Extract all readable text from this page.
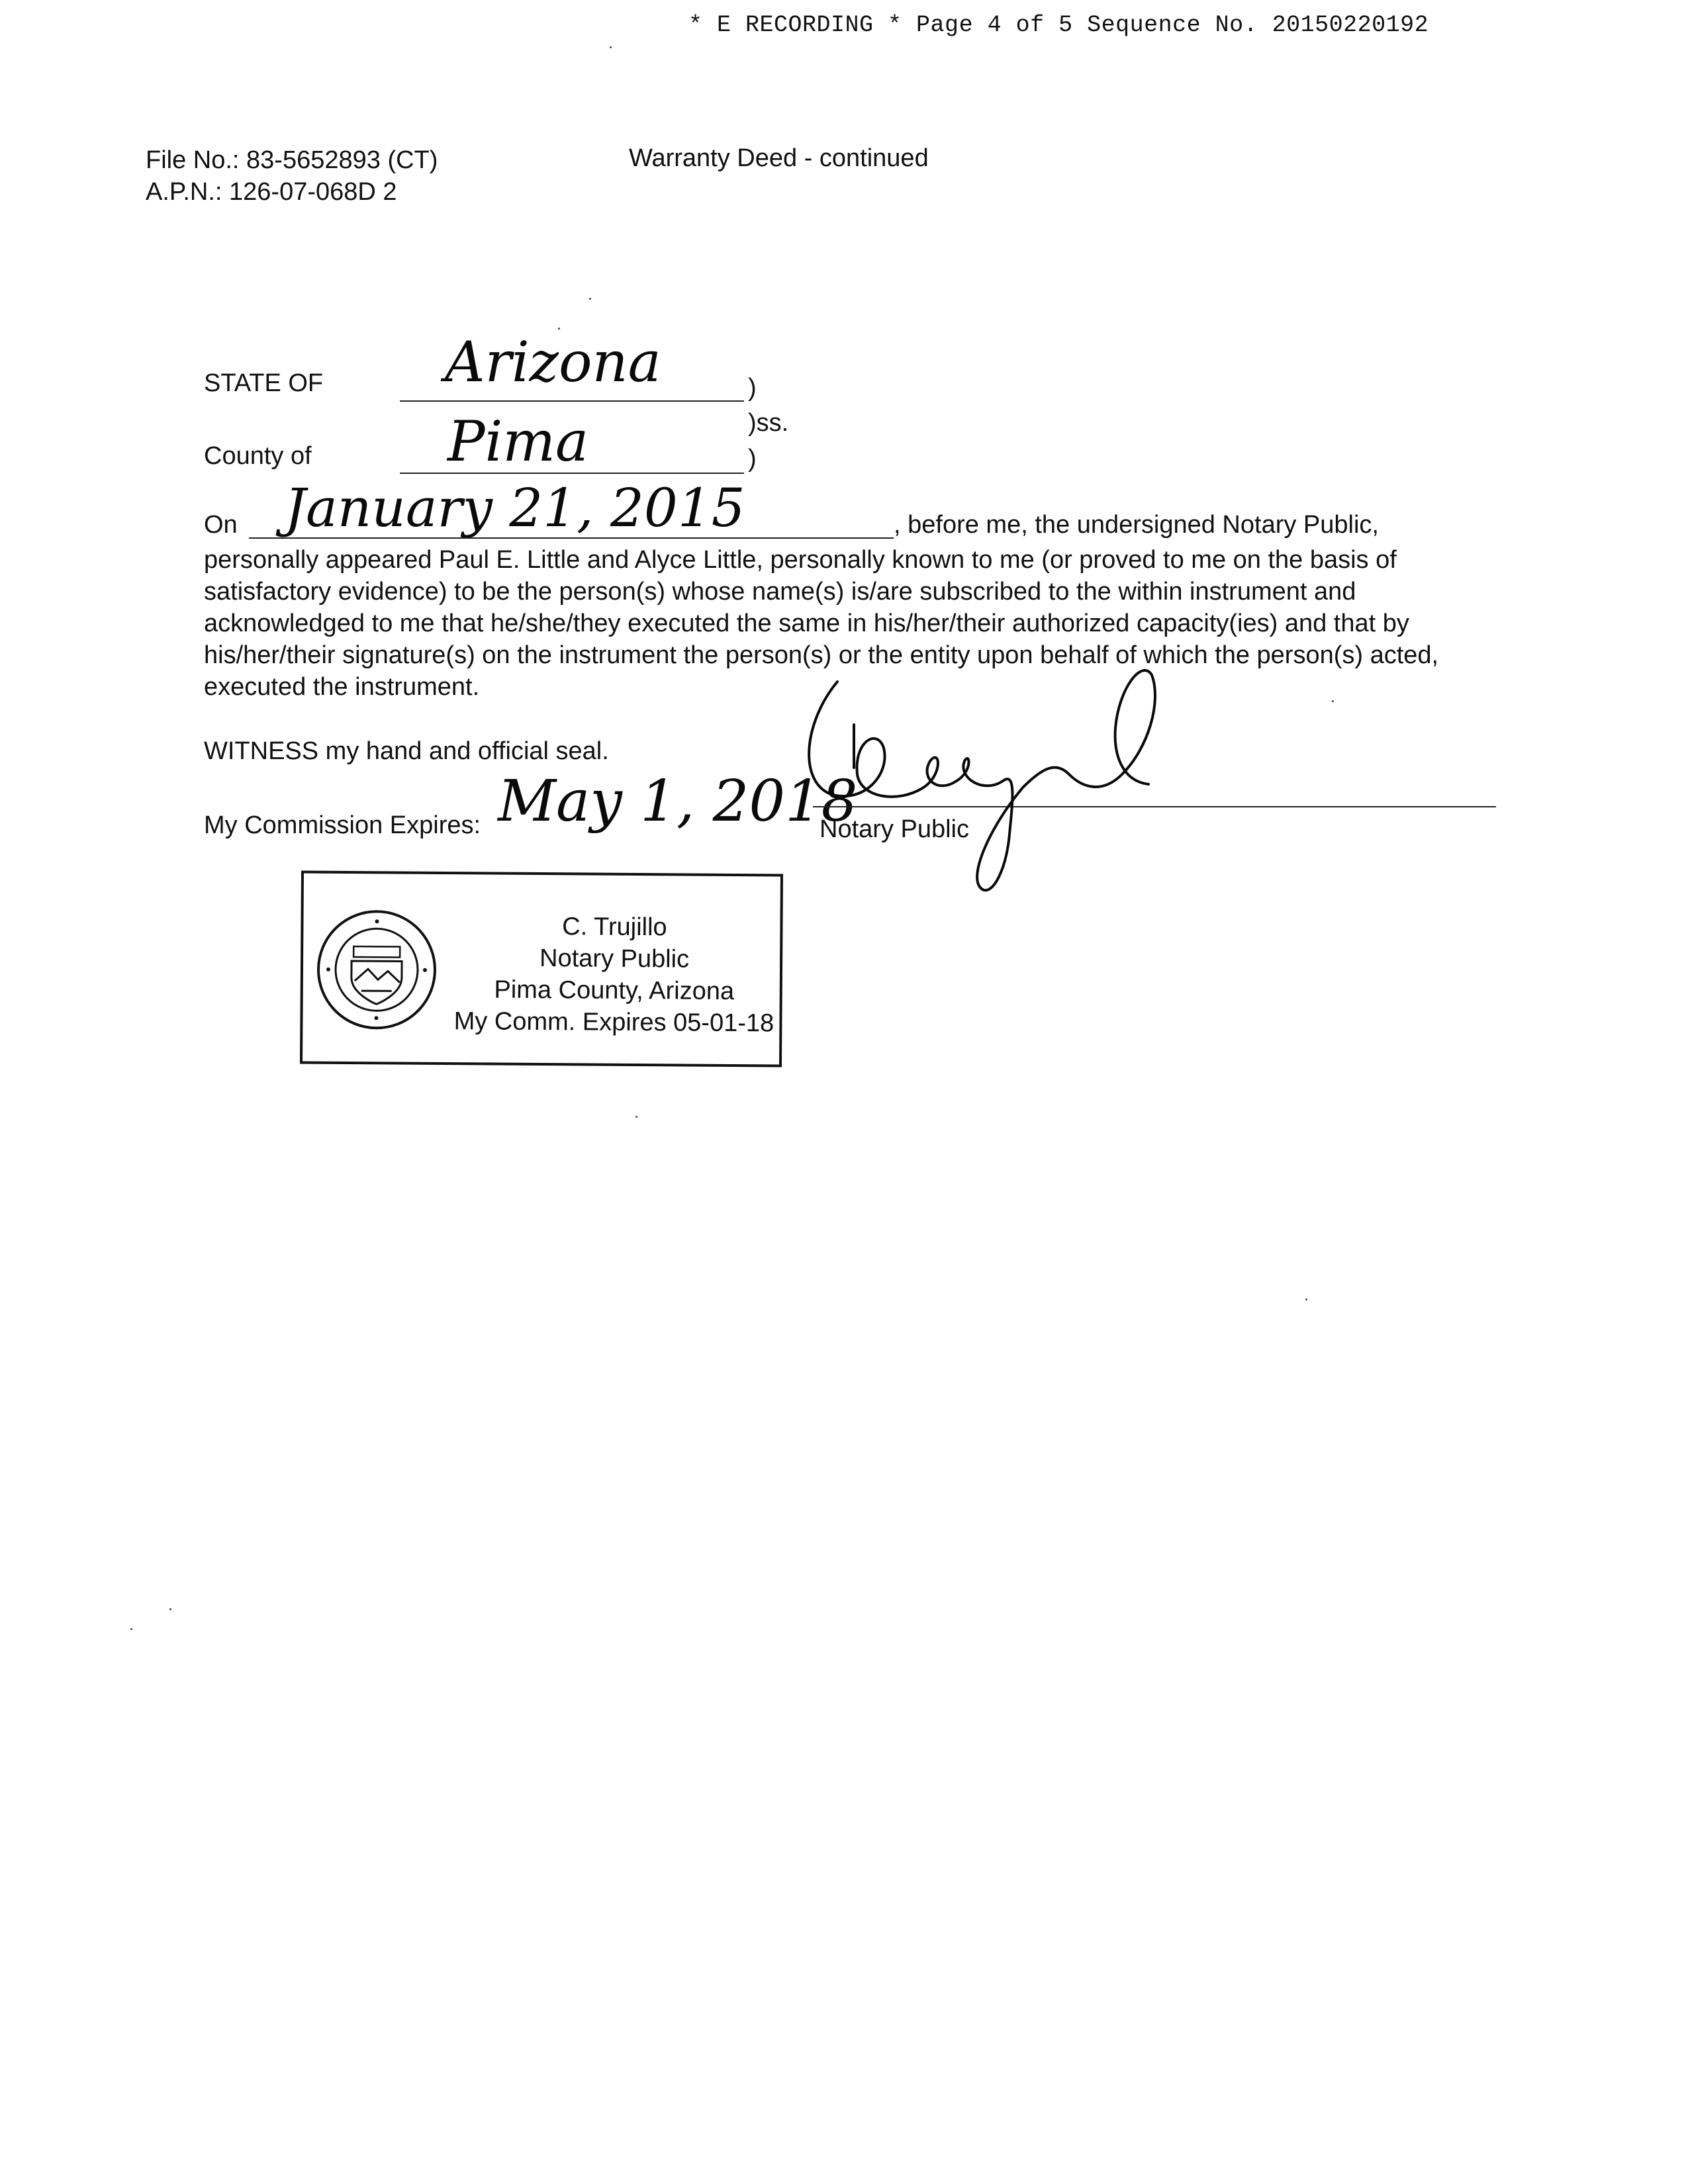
* E RECORDING * Page 4 of 5 Sequence No. 20150220192
File No.: 83-5652893 (CT)
A.P.N.: 126-07-068D 2
Warranty Deed - continued
STATE OF Arizona	)
)ss.
County of Pima	)
On January 21, 2015	, before me, the undersigned Notary Public,
personally appeared Paul E. Little and Alyce Little, personally known to me (or proved to me on the basis of satisfactory evidence) to be the person(s) whose name(s) is/are subscribed to the within instrument and acknowledged to me that he/she/they executed the same in his/her/their authorized capacity(ies) and that by his/her/their signature(s) on the instrument the person(s) or the entity upon behalf of which the person(s) acted, executed the instrument.
WITNESS my hand and official seal.
My Commission Expires: May 1, 2018
Notary Public
C. Trujillo
Notary Public
Pima County, Arizona
My Comm. Expires 05-01-18
